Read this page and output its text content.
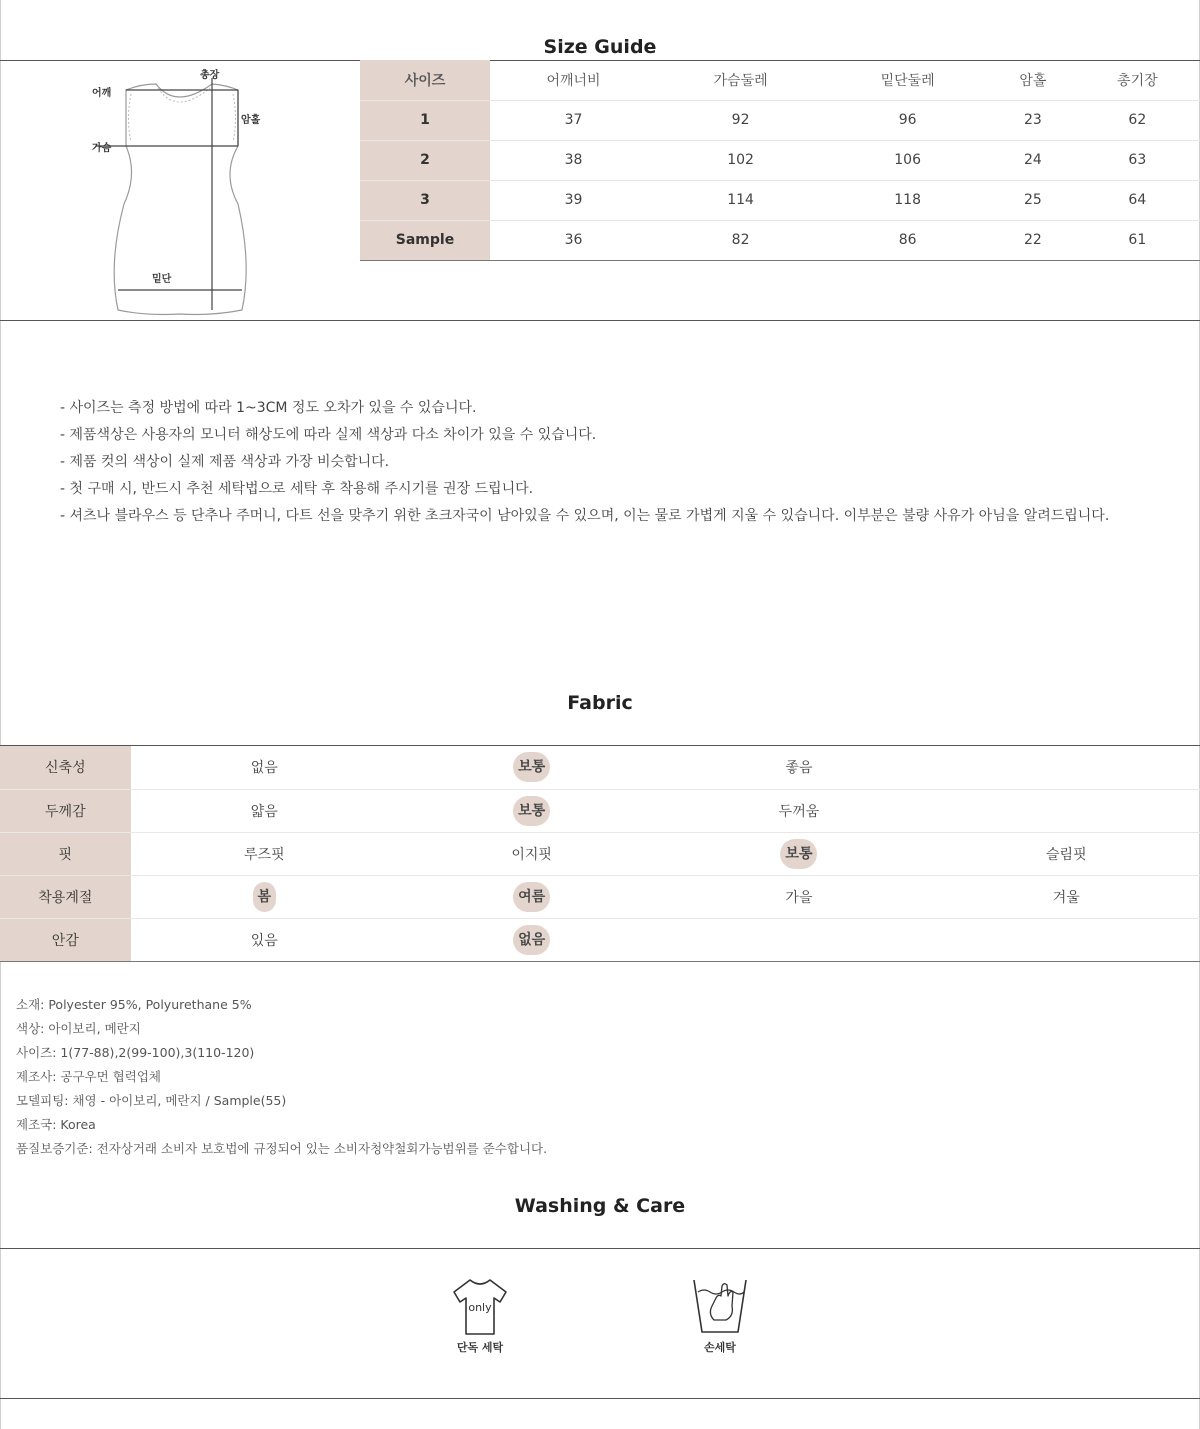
Size Guide
어깨
총장
암홀
가슴
밑단
사이즈	어깨너비	가슴둘레	밑단둘레	암홀	총기장
1	37	92	96	23	62
2	38	102	106	24	63
3	39	114	118	25	64
Sample	36	82	86	22	61
- 사이즈는 측정 방법에 따라 1~3CM 정도 오차가 있을 수 있습니다.
- 제품색상은 사용자의 모니터 해상도에 따라 실제 색상과 다소 차이가 있을 수 있습니다.
- 제품 컷의 색상이 실제 제품 색상과 가장 비슷합니다.
- 첫 구매 시, 반드시 추천 세탁법으로 세탁 후 착용해 주시기를 권장 드립니다.
- 셔츠나 블라우스 등 단추나 주머니, 다트 선을 맞추기 위한 초크자국이 남아있을 수 있으며, 이는 물로 가볍게 지울 수 있습니다. 이부분은 불량 사유가 아님을 알려드립니다.
Fabric
신축성	없음	보통	좋음	
두께감	얇음	보통	두꺼움	
핏	루즈핏	이지핏	보통	슬림핏
착용계절	봄	여름	가을	겨울
안감	있음	없음		
소재: Polyester 95%, Polyurethane 5%
색상: 아이보리, 메란지
사이즈: 1(77-88),2(99-100),3(110-120)
제조사: 공구우먼 협력업체
모델피팅: 채영 - 아이보리, 메란지 / Sample(55)
제조국: Korea
품질보증기준: 전자상거래 소비자 보호법에 규정되어 있는 소비자청약철회가능범위를 준수합니다.
Washing & Care
only
단독 세탁	손세탁
